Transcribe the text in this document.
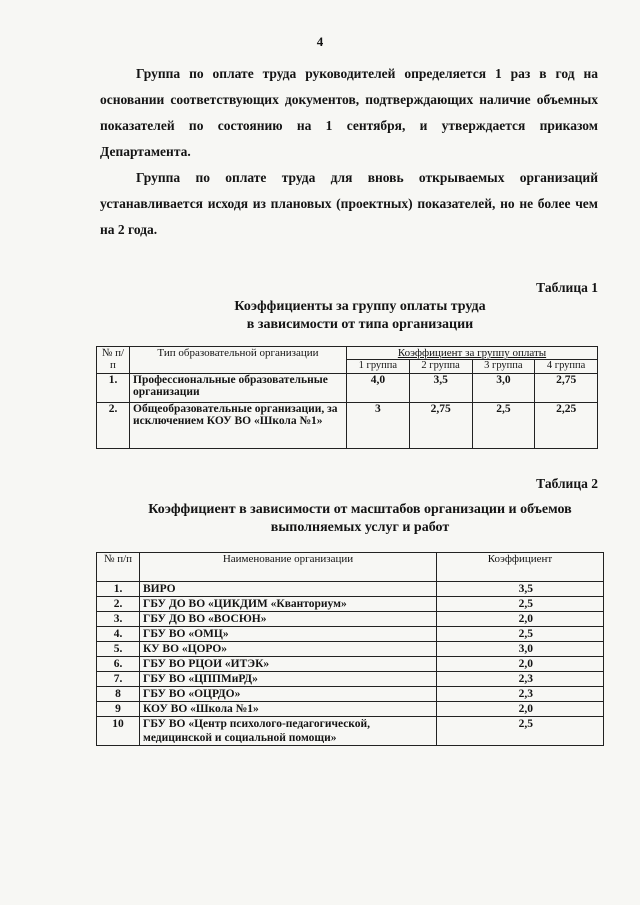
4

Группа по оплате труда руководителей определяется 1 раз в год на основании соответствующих документов, подтверждающих наличие объемных показателей по состоянию на 1 сентября, и утверждается приказом Департамента.

Группа по оплате труда для вновь открываемых организаций устанавливается исходя из плановых (проектных) показателей, но не более чем на 2 года.

Таблица 1
Коэффициенты за группу оплаты труда
в зависимости от типа организации
№ п/п	Тип образовательной организации	Коэффициент за группу оплаты			
		1 группа	2 группа	3 группа	4 группа
1.	Профессиональные образовательные организации	4,0	3,5	3,0	2,75
2.	Общеобразовательные организации, за исключением КОУ ВО «Школа №1»	3	2,75	2,5	2,25
Таблица 2
Коэффициент в зависимости от масштабов организации и объемов
выполняемых услуг и работ
№ п/п	Наименование организации	Коэффициент
1.	ВИРО	3,5
2.	ГБУ ДО ВО «ЦИКДИМ «Кванториум»	2,5
3.	ГБУ ДО ВО «ВОСЮН»	2,0
4.	ГБУ ВО «ОМЦ»	2,5
5.	КУ ВО «ЦОРО»	3,0
6.	ГБУ ВО РЦОИ «ИТЭК»	2,0
7.	ГБУ ВО «ЦППМиРД»	2,3
8	ГБУ ВО «ОЦРДО»	2,3
9	КОУ ВО «Школа №1»	2,0
10	ГБУ ВО «Центр психолого-педагогической, медицинской и социальной помощи»	2,5
